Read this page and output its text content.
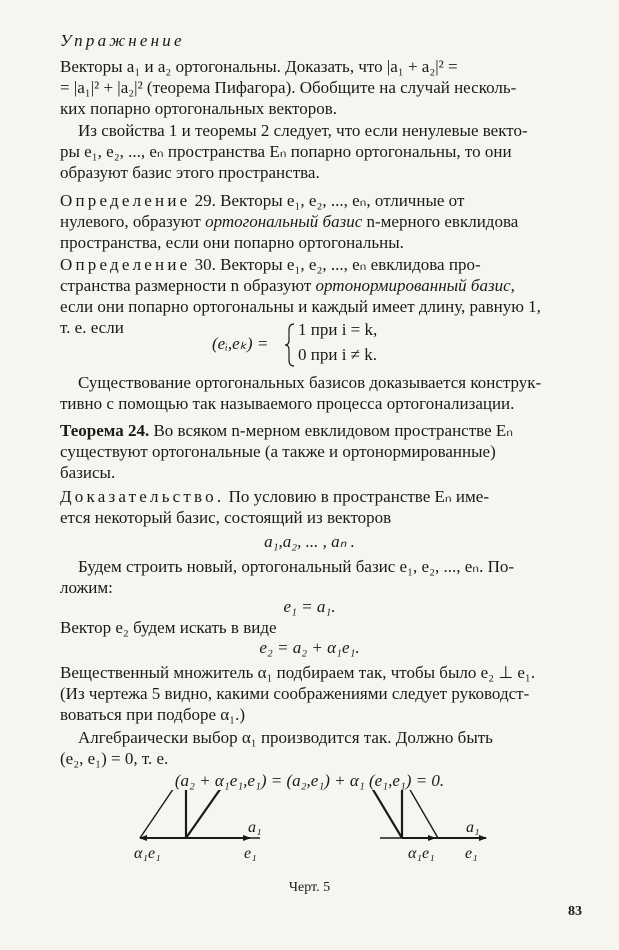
Упражнение
Векторы a₁ и a₂ ортогональны. Доказать, что |a₁ + a₂|² =
= |a₁|² + |a₂|² (теорема Пифагора). Обобщите на случай несколь-
ких попарно ортогональных векторов.
Из свойства 1 и теоремы 2 следует, что если ненулевые векто-
ры e₁, e₂, ..., eₙ пространства Eₙ попарно ортогональны, то они
образуют базис этого пространства.
Определение 29. Векторы e₁, e₂, ..., eₙ, отличные от
нулевого, образуют ортогональный базис n-мерного евклидова
пространства, если они попарно ортогональны.
Определение 30. Векторы e₁, e₂, ..., eₙ евклидова про-
странства размерности n образуют ортонормированный базис,
если они попарно ортогональны и каждый имеет длину, равную 1,
т. е. если
(eᵢ,eₖ) =
1 при i = k,
0 при i ≠ k.
Существование ортогональных базисов доказывается конструк-
тивно с помощью так называемого процесса ортогонализации.
Теорема 24. Во всяком n-мерном евклидовом пространстве Eₙ
существуют ортогональные (а также и ортонормированные)
базисы.
Доказательство. По условию в пространстве Eₙ име-
ется некоторый базис, состоящий из векторов
a₁,a₂, ... , aₙ .
Будем строить новый, ортогональный базис e₁, e₂, ..., eₙ. По-
ложим:
e₁ = a₁.
Вектор e₂ будем искать в виде
e₂ = a₂ + α₁e₁.
Вещественный множитель α₁ подбираем так, чтобы было e₂ ⊥ e₁.
(Из чертежа 5 видно, какими соображениями следует руководст-
воваться при подборе α₁.)
Алгебраически выбор α₁ производится так. Должно быть
(e₂, e₁) = 0, т. е.
(a₂ + α₁e₁,e₁) = (a₂,e₁) + α₁ (e₁,e₁) = 0.
a₁
α₁e₁	e₁
a₁
α₁e₁ e₁
Черт. 5
83
